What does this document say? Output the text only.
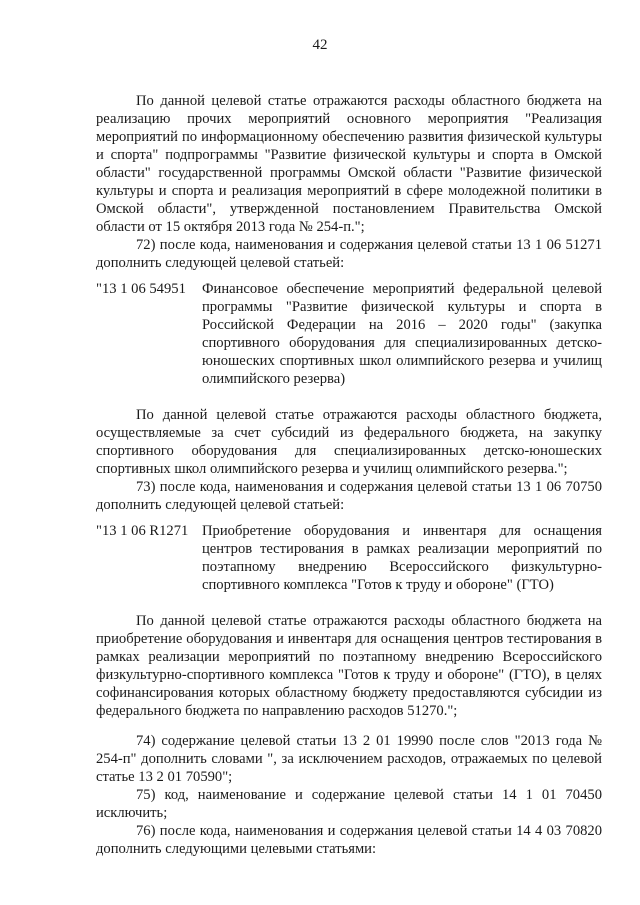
42

По данной целевой статье отражаются расходы областного бюджета на реализацию прочих мероприятий основного мероприятия "Реализация мероприятий по информационному обеспечению развития физической культуры и спорта" подпрограммы "Развитие физической культуры и спорта в Омской области" государственной программы Омской области "Развитие физической культуры и спорта и реализация мероприятий в сфере молодежной политики в Омской области", утвержденной постановлением Правительства Омской области от 15 октября 2013 года № 254-п.";

72) после кода, наименования и содержания целевой статьи 13 1 06 51271 дополнить следующей целевой статьей:

"13 1 06 54951	Финансовое обеспечение мероприятий федеральной целевой программы "Развитие физической культуры и спорта в Российской Федерации на 2016 – 2020 годы" (закупка спортивного оборудования для специализированных детско-юношеских спортивных школ олимпийского резерва и училищ олимпийского резерва)

По данной целевой статье отражаются расходы областного бюджета, осуществляемые за счет субсидий из федерального бюджета, на закупку спортивного оборудования для специализированных детско-юношеских спортивных школ олимпийского резерва и училищ олимпийского резерва.";

73) после кода, наименования и содержания целевой статьи 13 1 06 70750 дополнить следующей целевой статьей:

"13 1 06 R1271 Приобретение оборудования и инвентаря для оснащения центров тестирования в рамках реализации мероприятий по поэтапному внедрению Всероссийского физкультурно-спортивного комплекса "Готов к труду и обороне" (ГТО)

По данной целевой статье отражаются расходы областного бюджета на приобретение оборудования и инвентаря для оснащения центров тестирования в рамках реализации мероприятий по поэтапному внедрению Всероссийского физкультурно-спортивного комплекса "Готов к труду и обороне" (ГТО), в целях софинансирования которых областному бюджету предоставляются субсидии из федерального бюджета по направлению расходов 51270.";

74) содержание целевой статьи 13 2 01 19990 после слов "2013 года № 254-п" дополнить словами ", за исключением расходов, отражаемых по целевой статье 13 2 01 70590";

75) код, наименование и содержание целевой статьи 14 1 01 70450 исключить;

76) после кода, наименования и содержания целевой статьи 14 4 03 70820 дополнить следующими целевыми статьями:
